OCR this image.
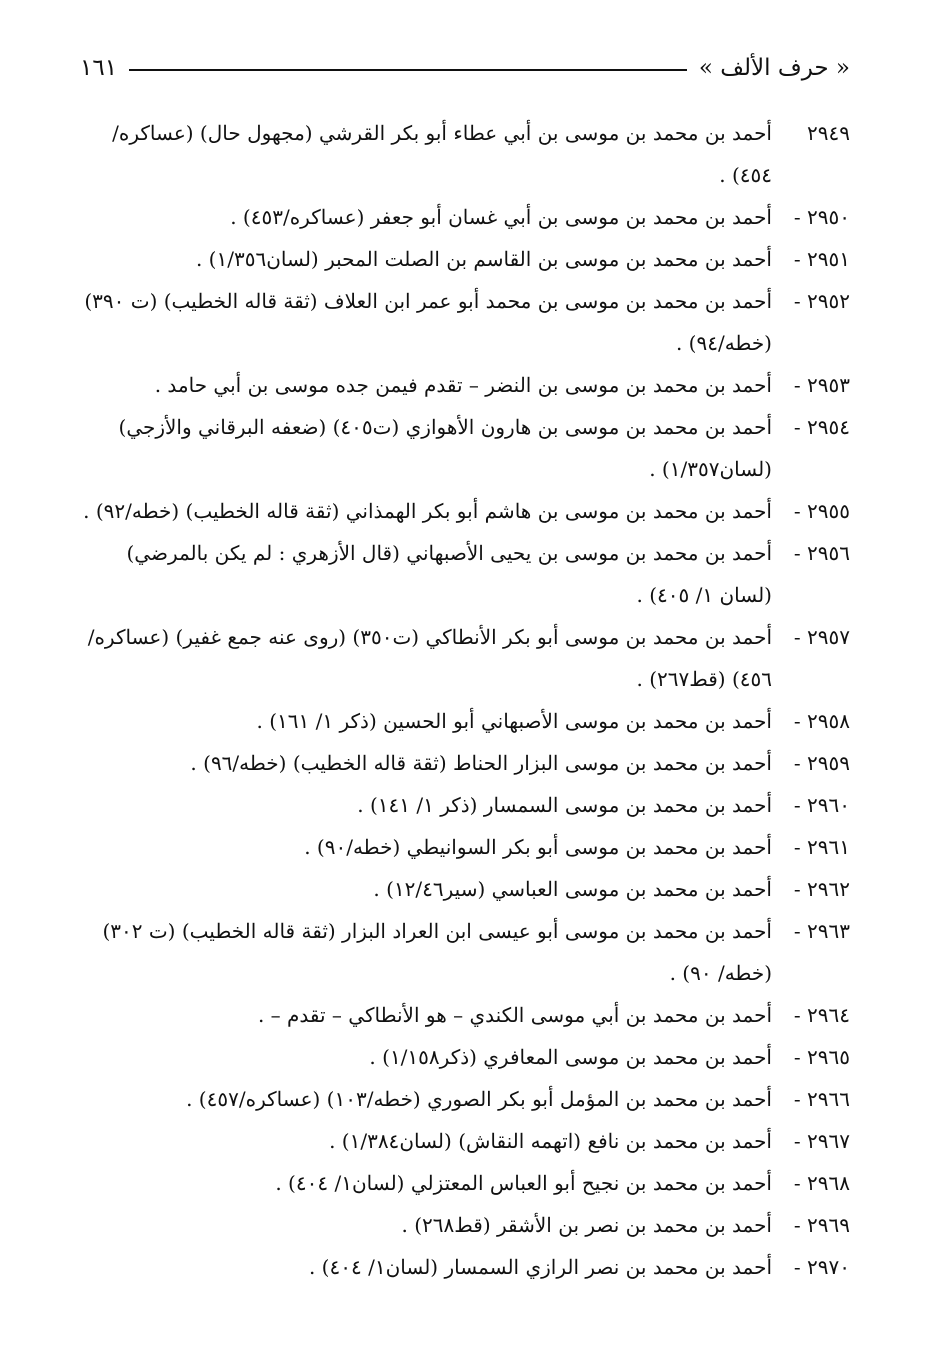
١٦١	« حرف الألف »
٢٩٤٩
أحمد بن محمد بن موسى بن أبي عطاء أبو بكر القرشي (مجهول حال) (عساكره/٤٥٤) .
٢٩٥٠ -
أحمد بن محمد بن موسى بن أبي غسان أبو جعفر (عساكره/٤٥٣) .
٢٩٥١ -
أحمد بن محمد بن موسى بن القاسم بن الصلت المحبر (لسان١/٣٥٦) .
٢٩٥٢ -
أحمد بن محمد بن موسى بن محمد أبو عمر ابن العلاف (ثقة قاله الخطيب) (ت ٣٩٠) (خطه/٩٤) .
٢٩٥٣ -
أحمد بن محمد بن موسى بن النضر – تقدم فيمن جده موسى بن أبي حامد .
٢٩٥٤ -
أحمد بن محمد بن موسى بن هارون الأهوازي (ت٤٠٥) (ضعفه البرقاني والأزجي) (لسان١/٣٥٧) .
٢٩٥٥ -
أحمد بن محمد بن موسى بن هاشم أبو بكر الهمذاني (ثقة قاله الخطيب) (خطه/٩٢) .
٢٩٥٦ -
أحمد بن محمد بن موسى بن يحيى الأصبهاني (قال الأزهري : لم يكن بالمرضي) (لسان ١/ ٤٠٥) .
٢٩٥٧ -
أحمد بن محمد بن موسى أبو بكر الأنطاكي (ت٣٥٠) (روى عنه جمع غفير) (عساكره/ ٤٥٦) (قط٢٦٧) .
٢٩٥٨ -
أحمد بن محمد بن موسى الأصبهاني أبو الحسين (ذكر ١/ ١٦١) .
٢٩٥٩ -
أحمد بن محمد بن موسى البزار الحناط (ثقة قاله الخطيب) (خطه/٩٦) .
٢٩٦٠ -
أحمد بن محمد بن موسى السمسار (ذكر ١/ ١٤١) .
٢٩٦١ -
أحمد بن محمد بن موسى أبو بكر السوانيطي (خطه/٩٠) .
٢٩٦٢ -
أحمد بن محمد بن موسى العباسي (سير١٢/٤٦) .
٢٩٦٣ -
أحمد بن محمد بن موسى أبو عيسى ابن العراد البزار (ثقة قاله الخطيب) (ت ٣٠٢) (خطه/ ٩٠) .
٢٩٦٤ -
أحمد بن محمد بن أبي موسى الكندي – هو الأنطاكي – تقدم – .
٢٩٦٥ -
أحمد بن محمد بن موسى المعافري (ذكر١/١٥٨) .
٢٩٦٦ -
أحمد بن محمد بن المؤمل أبو بكر الصوري (خطه/١٠٣) (عساكره/٤٥٧) .
٢٩٦٧ -
أحمد بن محمد بن نافع (اتهمه النقاش) (لسان١/٣٨٤) .
٢٩٦٨ -
أحمد بن محمد بن نجيح أبو العباس المعتزلي (لسان١/ ٤٠٤) .
٢٩٦٩ -
أحمد بن محمد بن نصر بن الأشقر (قط٢٦٨) .
٢٩٧٠ -
أحمد بن محمد بن نصر الرازي السمسار (لسان١/ ٤٠٤) .
